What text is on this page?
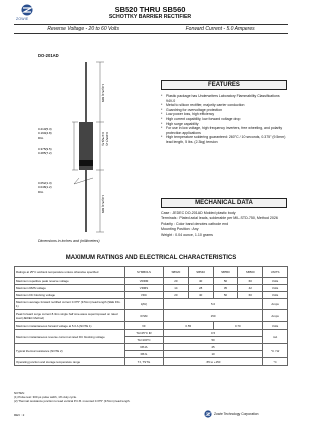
ZOWIE
SB520 THRU SB560
SCHOTTKY BARRIER RECTIFIER
Reverse Voltage - 20 to 60 Volts	Forward Current - 5.0 Amperes
DO-201AD
1.0(25.4) MIN
1.0(25.4) MIN
0.375(9.5) 0.285(7.2)
0.210(5.3)
0.190(4.8)
DIA.
0.375(9.5)
0.285(7.2)
0.052(1.3)
0.048(1.2)
DIA.
Dimensions in inches and (millimeters)
FEATURES
* Plastic package has Underwriters Laboratory Flammability Classifications 94V-0
* Metal to silicon rectifier, majority carrier conduction
* Guardring for overvoltage protection
* Low power loss, high efficiency
* High current capability, low forward voltage drop
* High surge capability
* For use in low voltage, high frequency inverters, free wheeling, and polarity protection applications
* High temperature soldering guaranteed: 260°C / 10 seconds, 0.375" (9.5mm) lead length, 5 lbs. (2.3kg) tension
MECHANICAL DATA
Case : JEDEC DO-201AD Molded plastic body
Terminals : Plated axial leads, solderable per MIL-STD-750, Method 2026
Polarity : Color band denotes cathode end
Mounting Position : Any
Weight : 0.04 ounce, 1.10 grams
MAXIMUM RATINGS AND ELECTRICAL CHARACTERISTICS
Ratings at 25°C ambient temperature unless otherwise specified	SYMBOLS	SB520	SB540	SB550	SB560	UNITS
Maximum repetitive peak reverse voltage	VRRM	20	40	50	60	Volts
Maximum RMS voltage	VRMS	14	28	35	42	Volts
Maximum DC blocking voltage	VDC	20	40	50	60	Volts
Maximum average forward rectified current 0.375" (9.5mm) lead length (SEE FIG. 1)	I(AV)	5.0				Amps
Peak forward surge current 8.3ms single half sine-wave superimposed on rated load (JEDEC Method)	IFSM	150				Amps
Maximum instantaneous forward voltage at 5.0 A (NOTE 1)	VF	0.55		0.70		Volts
Maximum instantaneous reverse current at rated DC blocking voltage	TA=25°C IR	0.5				mA
	TA=100°C	50				
Typical thermal resistance (NOTE 2)	RθJA	25				°C / W
	RθJL	10				
Operating junction and storage temperature range	TJ, TSTG	-55 to +150				°C
NOTES:
(1) Pulse test: 300 μs pulse width, 1% duty cycle.
(2) Thermal resistance junction to lead vertical P.C.B. mounted 0.375" (9.5mm) lead length.
REV : 2	Zowie Technology Corporation
